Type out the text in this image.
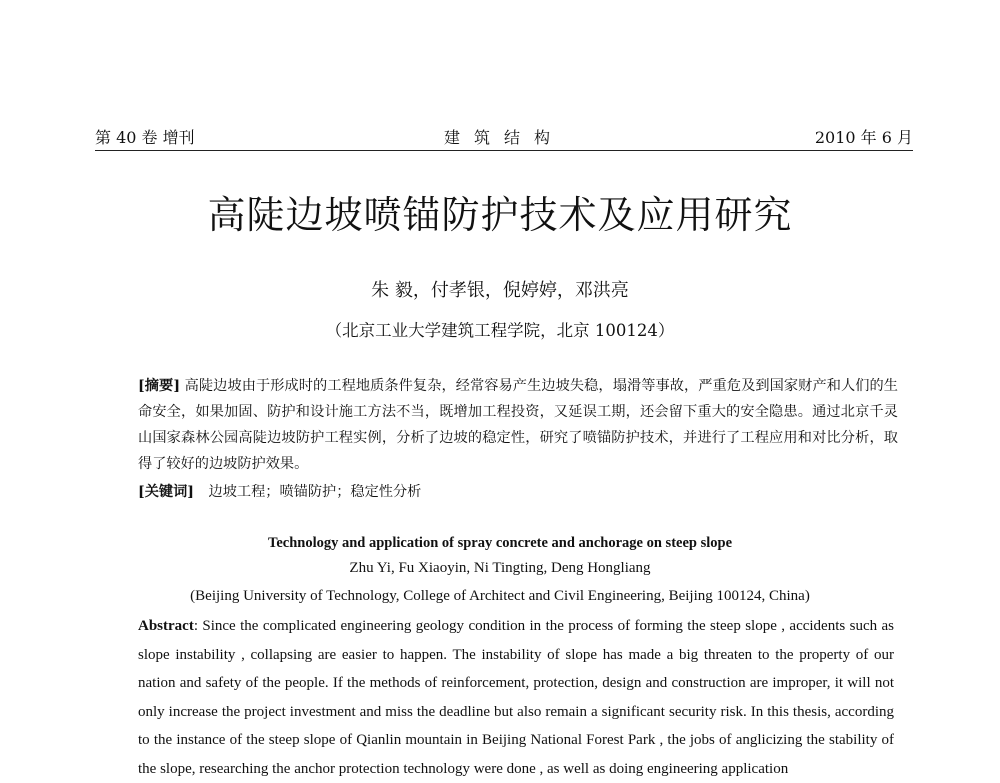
第 40 卷 增刊	建筑结构	2010 年 6 月
高陡边坡喷锚防护技术及应用研究
朱 毅，付孝银，倪婷婷，邓洪亮
（北京工业大学建筑工程学院，北京 100124）
[摘要] 高陡边坡由于形成时的工程地质条件复杂，经常容易产生边坡失稳，塌滑等事故，严重危及到国家财产和人们的生命安全，如果加固、防护和设计施工方法不当，既增加工程投资，又延误工期，还会留下重大的安全隐患。通过北京千灵山国家森林公园高陡边坡防护工程实例，分析了边坡的稳定性，研究了喷锚防护技术，并进行了工程应用和对比分析，取得了较好的边坡防护效果。
[关键词] 边坡工程；喷锚防护；稳定性分析
Technology and application of spray concrete and anchorage on steep slope
Zhu Yi, Fu Xiaoyin, Ni Tingting, Deng Hongliang
(Beijing University of Technology, College of Architect and Civil Engineering, Beijing 100124, China)
Abstract: Since the complicated engineering geology condition in the process of forming the steep slope , accidents such as slope instability , collapsing are easier to happen. The instability of slope has made a big threaten to the property of our nation and safety of the people. If the methods of reinforcement, protection, design and construction are improper, it will not only increase the project investment and miss the deadline but also remain a significant security risk. In this thesis, according to the instance of the steep slope of Qianlin mountain in Beijing National Forest Park , the jobs of anglicizing the stability of the slope, researching the anchor protection technology were done , as well as doing engineering application
